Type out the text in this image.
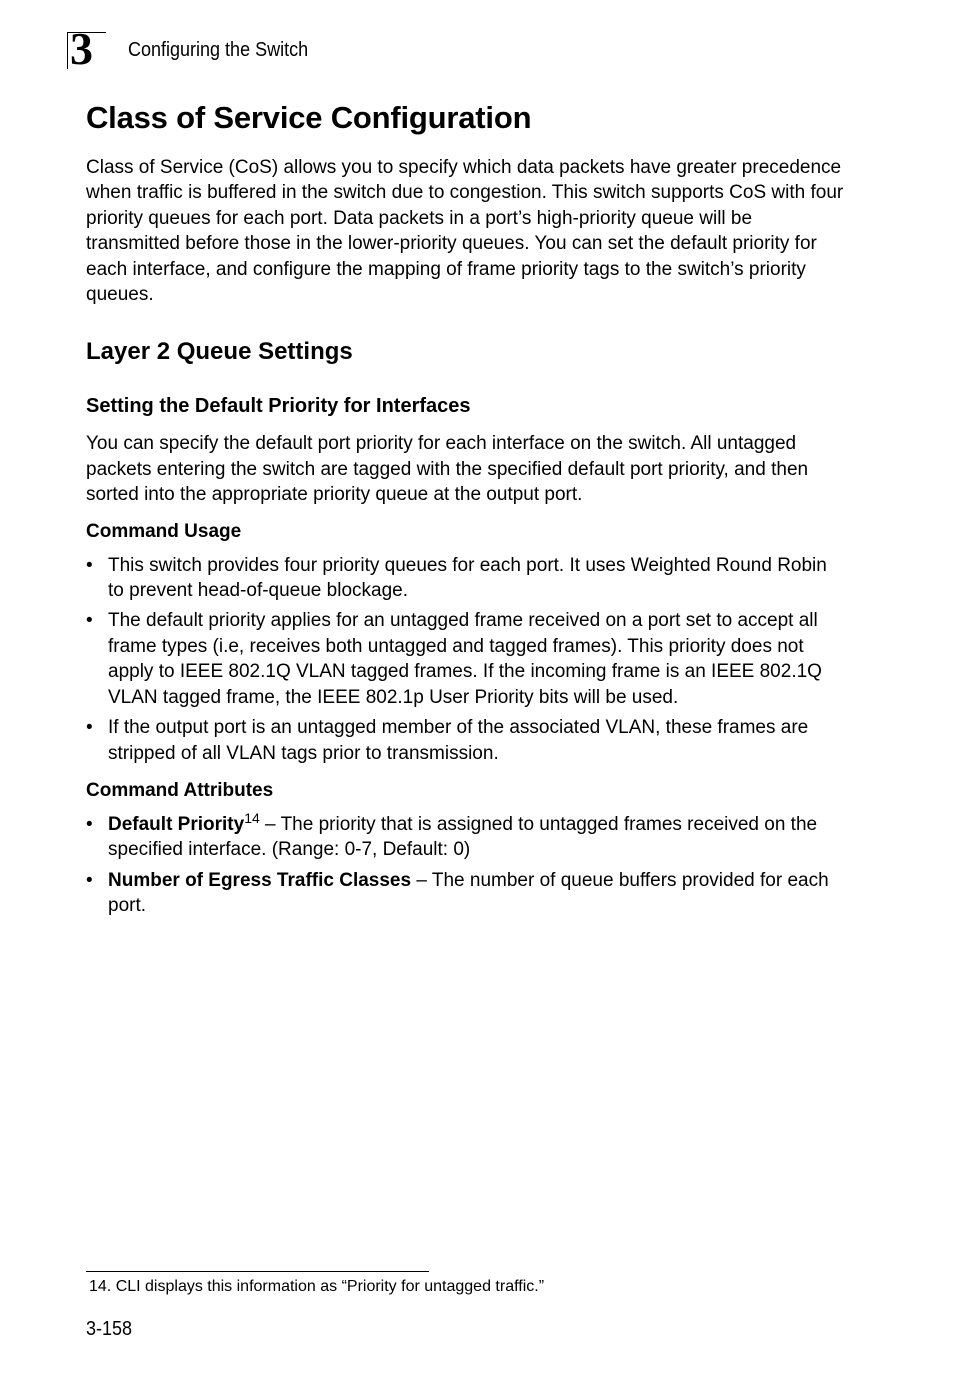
3 Configuring the Switch
Class of Service Configuration

Class of Service (CoS) allows you to specify which data packets have greater precedence when traffic is buffered in the switch due to congestion. This switch supports CoS with four priority queues for each port. Data packets in a port’s high-priority queue will be transmitted before those in the lower-priority queues. You can set the default priority for each interface, and configure the mapping of frame priority tags to the switch’s priority queues.

Layer 2 Queue Settings
Setting the Default Priority for Interfaces

You can specify the default port priority for each interface on the switch. All untagged packets entering the switch are tagged with the specified default port priority, and then sorted into the appropriate priority queue at the output port.

Command Usage
• This switch provides four priority queues for each port. It uses Weighted Round Robin to prevent head-of-queue blockage.
• The default priority applies for an untagged frame received on a port set to accept all frame types (i.e, receives both untagged and tagged frames). This priority does not apply to IEEE 802.1Q VLAN tagged frames. If the incoming frame is an IEEE 802.1Q VLAN tagged frame, the IEEE 802.1p User Priority bits will be used.
• If the output port is an untagged member of the associated VLAN, these frames are stripped of all VLAN tags prior to transmission.
Command Attributes
• Default Priority$^{14}$ – The priority that is assigned to untagged frames received on the specified interface. (Range: 0-7, Default: 0)
• Number of Egress Traffic Classes – The number of queue buffers provided for each port.
14. CLI displays this information as “Priority for untagged traffic.”
3-158
